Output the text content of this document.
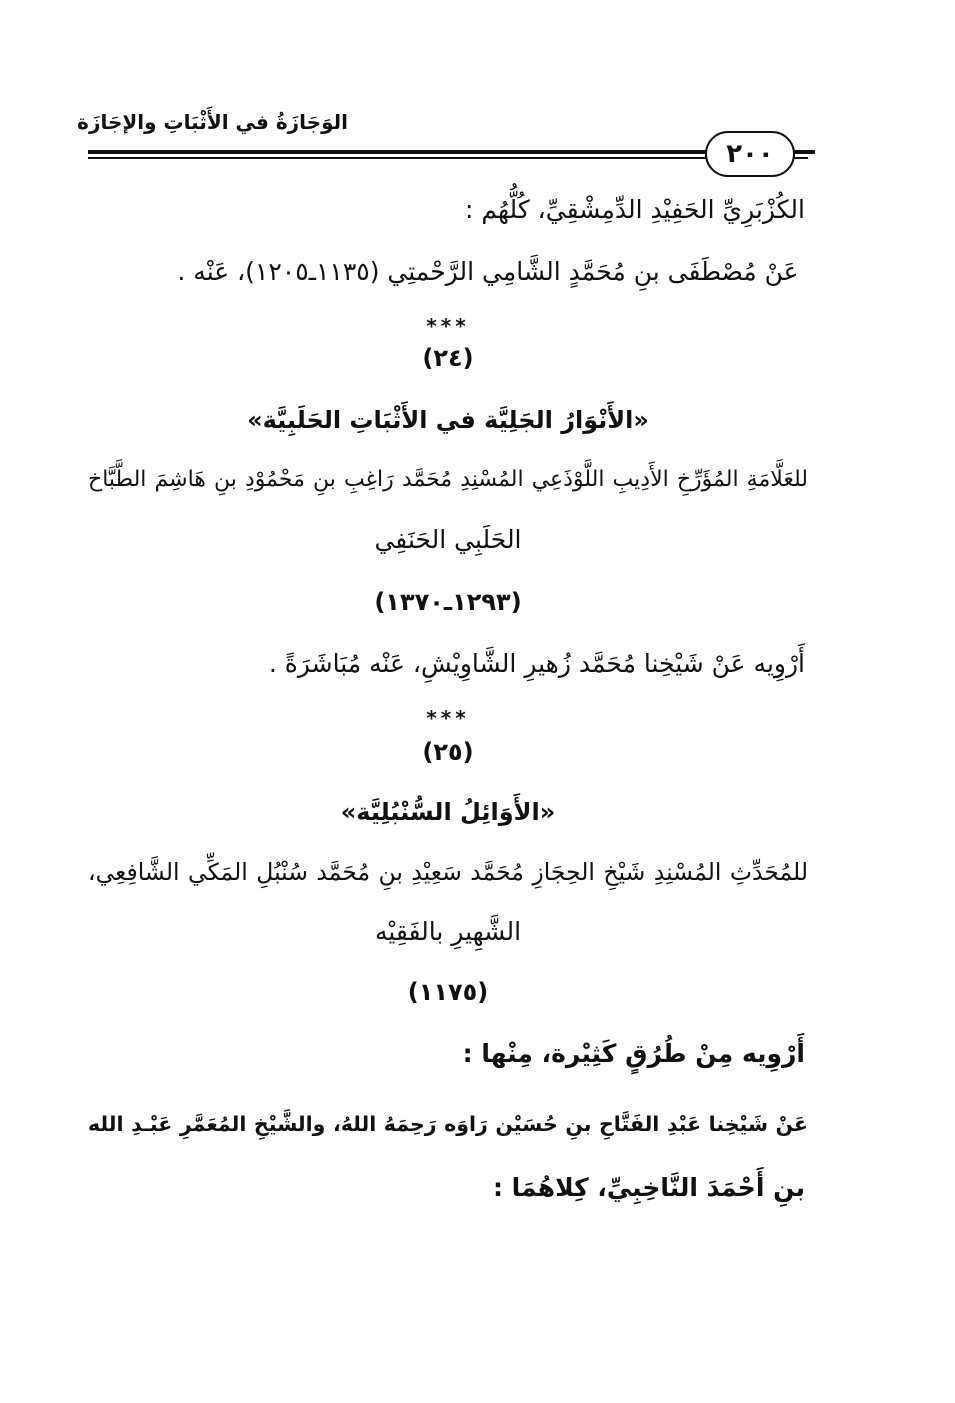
الوَجَازَةُ في الأَثْبَاتِ والإجَازَة
٢٠٠
الكُزْبَرِيِّ الحَفِيْدِ الدِّمِشْقِيِّ، كُلُّهُم :
عَنْ مُصْطَفَى بنِ مُحَمَّدٍ الشَّامِي الرَّحْمتِي (١١٣٥ـ١٢٠٥)، عَنْه .
***
(٢٤)
«الأَنْوَارُ الجَلِيَّة في الأَثْبَاتِ الحَلَبِيَّة»
للعَلَّامَةِ المُؤَرِّخِ الأَدِيبِ اللَّوْذَعِي المُسْنِدِ مُحَمَّد رَاغِبِ بنِ مَحْمُوْدِ بنِ هَاشِمَ الطَّبَّاخ
الحَلَبِي الحَنَفِي
(١٢٩٣ـ١٣٧٠)
أَرْوِيه عَنْ شَيْخِنا مُحَمَّد زُهيرِ الشَّاوِيْشِ، عَنْه مُبَاشَرَةً .
***
(٢٥)
«الأَوَائِلُ السُّنْبُلِيَّة»
للمُحَدِّثِ المُسْنِدِ شَيْخِ الحِجَازِ مُحَمَّد سَعِيْدِ بنِ مُحَمَّد سُنْبُلِ المَكِّي الشَّافِعِي،
الشَّهِيرِ بالفَقِيْه
(١١٧٥)
أَرْوِيه مِنْ طُرُقٍ كَثِيْرة، مِنْها :
عَنْ شَيْخِنا عَبْدِ الفَتَّاحِ بنِ حُسَيْن رَاوَه رَحِمَهُ اللهُ، والشَّيْخِ المُعَمَّرِ عَبْـدِ الله
بنِ أَحْمَدَ النَّاخِبِيِّ، كِلاهُمَا :
